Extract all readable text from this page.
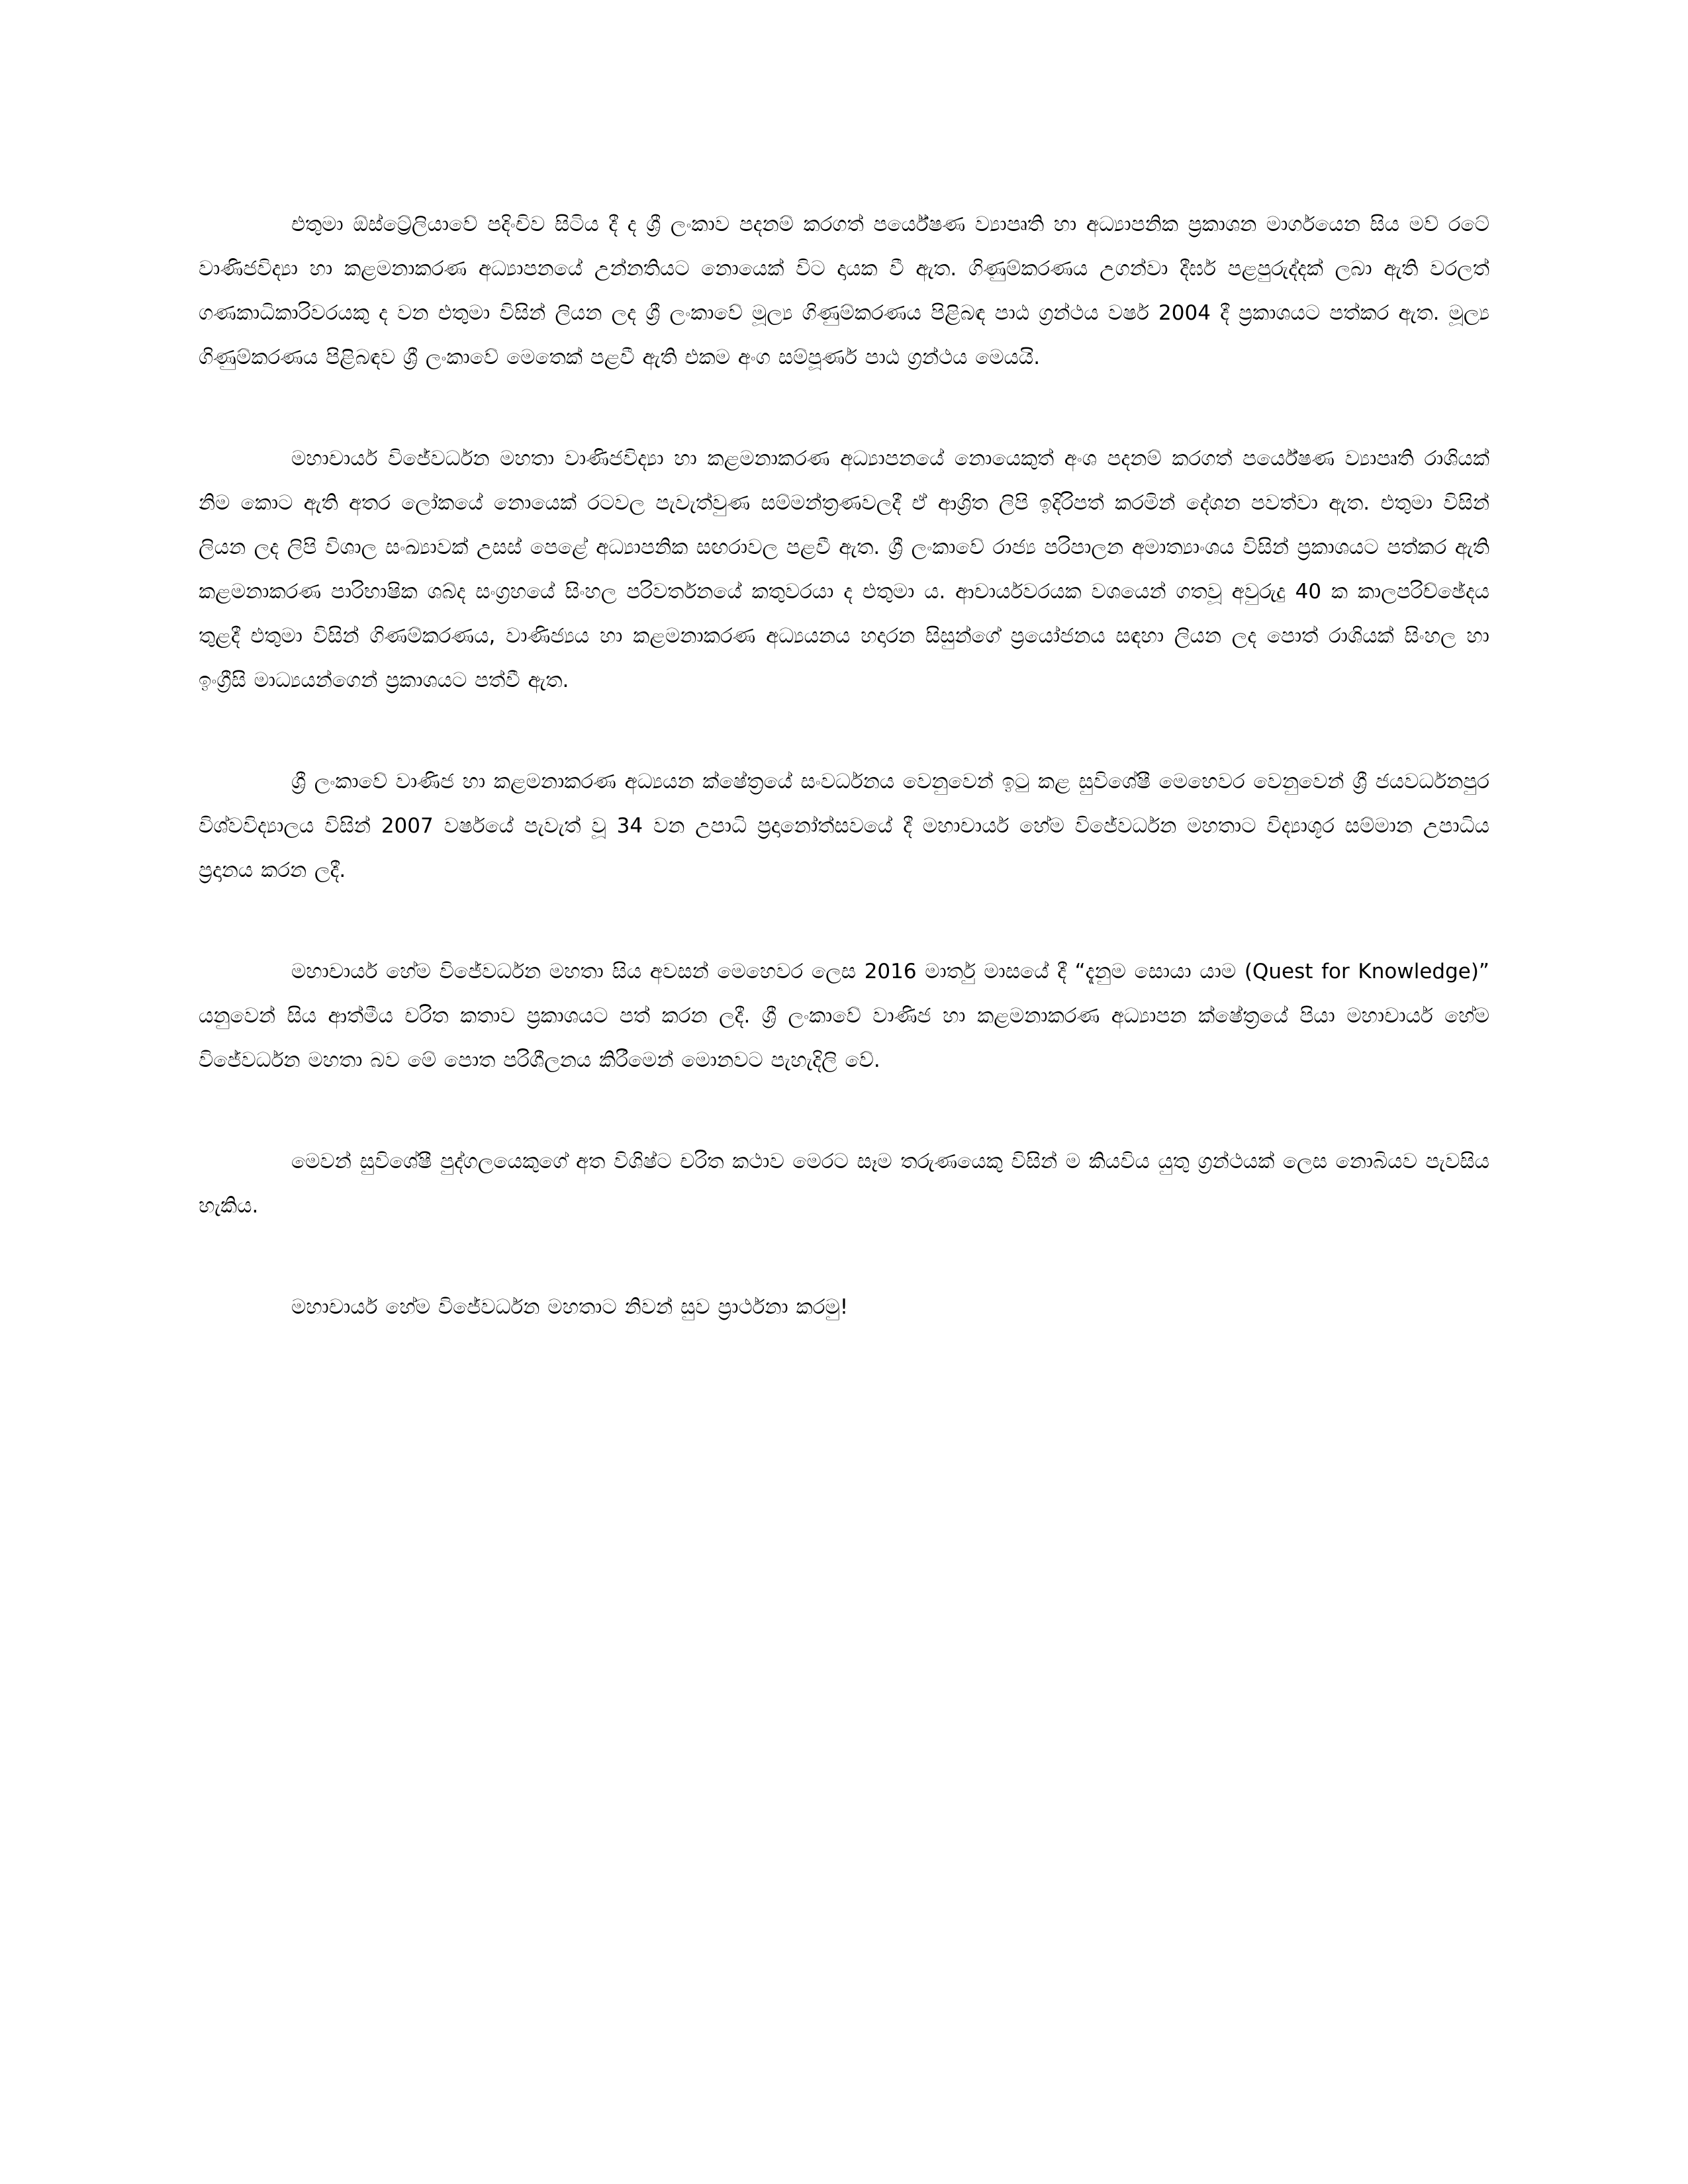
එතුමා ඕස්ට්‍රේලියාවේ පදිංචිව සිටිය දී ද ශ්‍රී ලංකාව පදනම් කරගත් පර්යේෂණ ව්‍යාපෘති හා අධ්‍යාපනික ප්‍රකාශන මාර්ගයෙන සිය මව් රටේ වාණිජවිද්‍යා හා කළමනාකරණ අධ්‍යාපනයේ උන්නතියට නොයෙක් විට දායක වී ඇත. ගිණුම්කරණය උගන්වා දීර්ඝ පළපුරුද්දක් ලබා ඇති වරලත් ගණකාධිකාරිවරයකු ද වන එතුමා විසින් ලියන ලද ශ්‍රී ලංකාවේ මූල්‍ය ගිණුම්කරණය පිළිබඳ පාඨ ග්‍රන්ථය වර්ෂ 2004 දී ප්‍රකාශයට පත්කර ඇත. මූල්‍ය ගිණුම්කරණය පිළිබඳව ශ්‍රී ලංකාවේ මෙතෙක් පළවී ඇති එකම අංග සම්පූර්ණ පාඨ ග්‍රන්ථය මෙයයි.

මහාචාර්ය විජේවර්ධන මහතා වාණිජවිද්‍යා හා කළමනාකරණ අධ්‍යාපනයේ නොයෙකුත් අංශ පදනම් කරගත් පර්යේෂණ ව්‍යාපෘති රාශියක් නිම කොට ඇති අතර ලෝකයේ නොයෙක් රටවල පැවැත්වුණ සම්මන්ත්‍රණවලදී ඒ ආශ්‍රිත ලිපි ඉදිරිපත් කරමින් දේශන පවත්වා ඇත. එතුමා විසින් ලියන ලද ලිපි විශාල සංඛ්‍යාවක් උසස් පෙළේ අධ්‍යාපනික සඟරාවල පළවී ඇත. ශ්‍රී ලංකාවේ රාජ්‍ය පරිපාලන අමාත්‍යාංශය විසින් ප්‍රකාශයට පත්කර ඇති කළමනාකරණ පාරිභාෂික ශබ්ද සංග්‍රහයේ සිංහල පරිවර්තනයේ කතුවරයා ද එතුමා ය. ආචාර්යවරයක වශයෙන් ගතවූ අවුරුදු 40 ක කාලපරිච්ඡේදය තුළදී එතුමා විසින් ගිණම්කරණය, වාණිජ්‍යය හා කළමනාකරණ අධ්‍යයනය හදාරන සිසුන්ගේ ප්‍රයෝජනය සඳහා ලියන ලද පොත් රාශියක් සිංහල හා ඉංග්‍රීසි මාධ්‍යයන්ගෙන් ප්‍රකාශයට පත්වී ඇත.

ශ්‍රී ලංකාවේ වාණිජ හා කළමනාකරණ අධ්‍යයන ක්ෂේත්‍රයේ සංවර්ධනය වෙනුවෙන් ඉටු කළ සුවිශේෂී මෙහෙවර වෙනුවෙන් ශ්‍රී ජයවර්ධනපුර විශ්වවිද්‍යාලය විසින් 2007 වර්ෂයේ පැවැත් වූ 34 වන උපාධි ප්‍රදානෝත්සවයේ දී මහාචාර්ය හේම විජේවර්ධන මහතාට විද්‍යාශූර සම්මාන උපාධිය ප්‍රදානය කරන ලදී.

මහාචාර්ය හේම විජේවර්ධන මහතා සිය අවසන් මෙහෙවර ලෙස 2016 මාර්තු මාසයේ දී “දැනුම සොයා යාම (Quest for Knowledge)” යනුවෙන් සිය ආත්මීය චරිත කතාව ප්‍රකාශයට පත් කරන ලදී. ශ්‍රී ලංකාවේ වාණිජ හා කළමනාකරණ අධ්‍යාපන ක්ෂේත්‍රයේ පියා මහාචාර්ය හේම විජේවර්ධන මහතා බව මේ පොත පරිශීලනය කිරීමෙන් මොනවට පැහැදිලි වේ.

මෙවන් සුවිශේෂී පුද්ගලයෙකුගේ අත විශිෂ්ට චරිත කථාව මෙරට සෑම තරුණයෙකු විසින් ම කියවිය යුතු ග්‍රන්ථයක් ලෙස නොබියව පැවසිය හැකිය.

මහාචාර්ය හේම විජේවර්ධන මහතාට නිවන් සුව ප්‍රාර්ථනා කරමු!
